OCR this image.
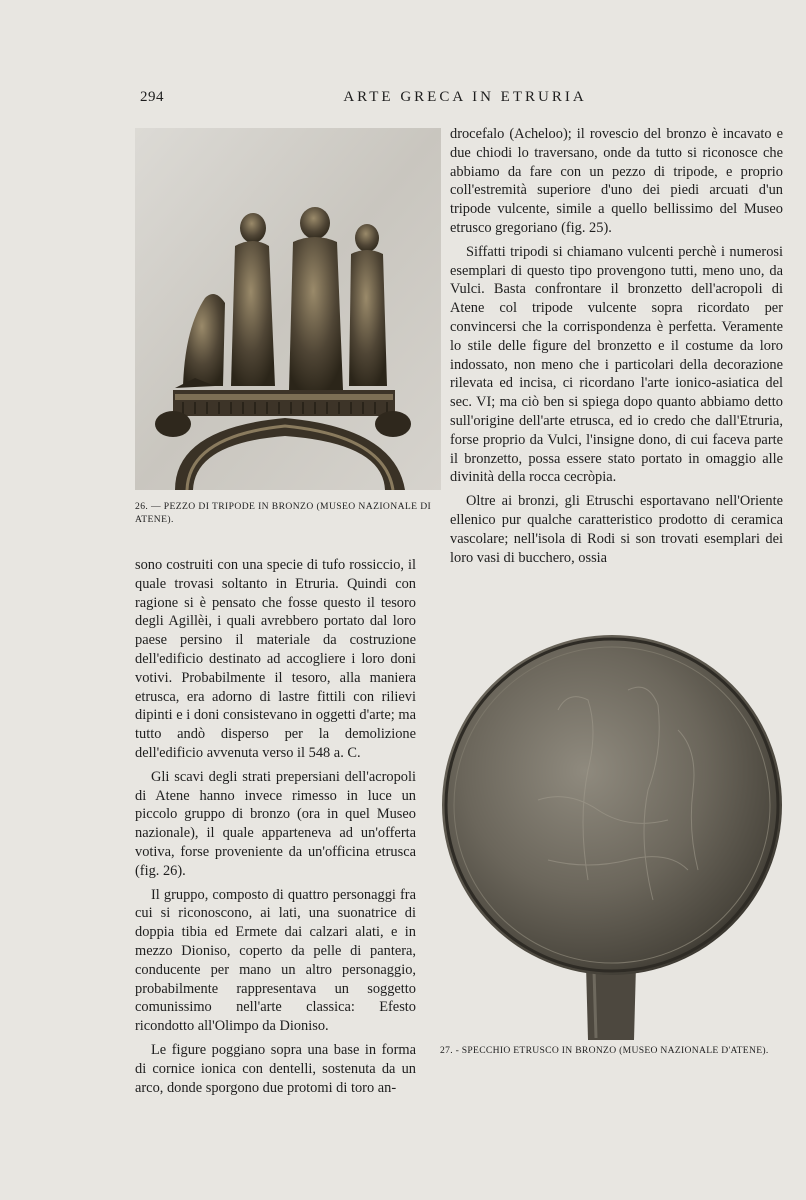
294	ARTE GRECA IN ETRURIA
26. — PEZZO DI TRIPODE IN BRONZO (MUSEO NAZIONALE DI ATENE).

sono costruiti con una specie di tufo rossiccio, il quale trovasi soltanto in Etruria. Quindi con ragione si è pensato che fosse questo il tesoro degli Agillèi, i quali avrebbero portato dal loro paese persino il materiale da costruzione dell'edificio destinato ad accogliere i loro doni votivi. Probabilmente il tesoro, alla maniera etrusca, era adorno di lastre fittili con rilievi dipinti e i doni consistevano in oggetti d'arte; ma tutto andò disperso per la demolizione dell'edificio avvenuta verso il 548 a. C.

Gli scavi degli strati prepersiani dell'acropoli di Atene hanno invece rimesso in luce un piccolo gruppo di bronzo (ora in quel Museo nazionale), il quale apparteneva ad un'offerta votiva, forse proveniente da un'officina etrusca (fig. 26).

Il gruppo, composto di quattro personaggi fra cui si riconoscono, ai lati, una suonatrice di doppia tibia ed Ermete dai calzari alati, e in mezzo Dioniso, coperto da pelle di pantera, conducente per mano un altro personaggio, probabilmente rappresentava un soggetto comunissimo nell'arte classica: Efesto ricondotto all'Olimpo da Dioniso.

Le figure poggiano sopra una base in forma di cornice ionica con dentelli, sostenuta da un arco, donde sporgono due protomi di toro an-

drocefalo (Acheloo); il rovescio del bronzo è incavato e due chiodi lo traversano, onde da tutto si riconosce che abbiamo da fare con un pezzo di tripode, e proprio coll'estremità superiore d'uno dei piedi arcuati d'un tripode vulcente, simile a quello bellissimo del Museo etrusco gregoriano (fig. 25).

Siffatti tripodi si chiamano vulcenti perchè i numerosi esemplari di questo tipo provengono tutti, meno uno, da Vulci. Basta confrontare il bronzetto dell'acropoli di Atene col tripode vulcente sopra ricordato per convincersi che la corrispondenza è perfetta. Veramente lo stile delle figure del bronzetto e il costume da loro indossato, non meno che i particolari della decorazione rilevata ed incisa, ci ricordano l'arte ionico-asiatica del sec. VI; ma ciò ben si spiega dopo quanto abbiamo detto sull'origine dell'arte etrusca, ed io credo che dall'Etruria, forse proprio da Vulci, l'insigne dono, di cui faceva parte il bronzetto, possa essere stato portato in omaggio alle divinità della rocca cecròpia.

Oltre ai bronzi, gli Etruschi esportavano nell'Oriente ellenico pur qualche caratteristico prodotto di ceramica vascolare; nell'isola di Rodi si son trovati esemplari dei loro vasi di bucchero, ossia

27. - SPECCHIO ETRUSCO IN BRONZO (MUSEO NAZIONALE D'ATENE).
